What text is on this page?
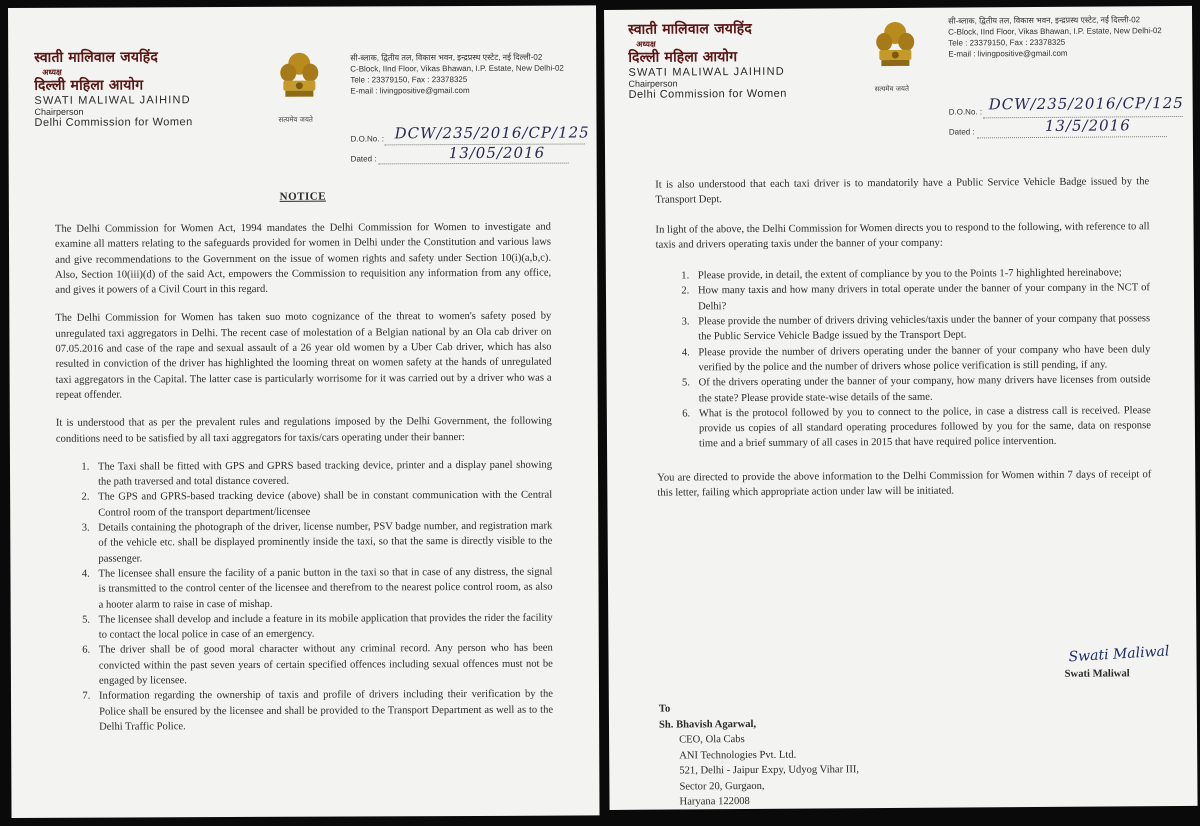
स्वाती मालिवाल जयहिंद
अध्यक्ष
दिल्ली महिला आयोग
SWATI MALIWAL JAIHIND
Chairperson
Delhi Commission for Women	सत्यमेव जयते
सी-ब्लाक, द्वितीय तल, विकास भवन, इन्द्रप्रस्थ एस्टेट, नई दिल्ली-02
C-Block, IInd Floor, Vikas Bhawan, I.P. Estate, New Delhi-02
Tele : 23379150, Fax : 23378325
E-mail : livingpositive@gmail.com
D.O.No. : DCW/235/2016/CP/125
Dated :	13/05/2016
NOTICE

The Delhi Commission for Women Act, 1994 mandates the Delhi Commission for Women to investigate and examine all matters relating to the safeguards provided for women in Delhi under the Constitution and various laws and give recommendations to the Government on the issue of women rights and safety under Section 10(i)(a,b,c). Also, Section 10(iii)(d) of the said Act, empowers the Commission to requisition any information from any office, and gives it powers of a Civil Court in this regard.

The Delhi Commission for Women has taken suo moto cognizance of the threat to women's safety posed by unregulated taxi aggregators in Delhi. The recent case of molestation of a Belgian national by an Ola cab driver on 07.05.2016 and case of the rape and sexual assault of a 26 year old women by a Uber Cab driver, which has also resulted in conviction of the driver has highlighted the looming threat on women safety at the hands of unregulated taxi aggregators in the Capital. The latter case is particularly worrisome for it was carried out by a driver who was a repeat offender.

It is understood that as per the prevalent rules and regulations imposed by the Delhi Government, the following conditions need to be satisfied by all taxi aggregators for taxis/cars operating under their banner:

1. The Taxi shall be fitted with GPS and GPRS based tracking device, printer and a display panel showing the path traversed and total distance covered.
2. The GPS and GPRS-based tracking device (above) shall be in constant communication with the Central Control room of the transport department/licensee
3. Details containing the photograph of the driver, license number, PSV badge number, and registration mark of the vehicle etc. shall be displayed prominently inside the taxi, so that the same is directly visible to the passenger.
4. The licensee shall ensure the facility of a panic button in the taxi so that in case of any distress, the signal is transmitted to the control center of the licensee and therefrom to the nearest police control room, as also a hooter alarm to raise in case of mishap.
5. The licensee shall develop and include a feature in its mobile application that provides the rider the facility to contact the local police in case of an emergency.
6. The driver shall be of good moral character without any criminal record. Any person who has been convicted within the past seven years of certain specified offences including sexual offences must not be engaged by licensee.
7. Information regarding the ownership of taxis and profile of drivers including their verification by the Police shall be ensured by the licensee and shall be provided to the Transport Department as well as to the Delhi Traffic Police.
स्वाती मालिवाल जयहिंद
अध्यक्ष
दिल्ली महिला आयोग
SWATI MALIWAL JAIHIND
Chairperson
Delhi Commission for Women	सत्यमेव जयते
सी-ब्लाक, द्वितीय तल, विकास भवन, इन्द्रप्रस्थ एस्टेट, नई दिल्ली-02
C-Block, IInd Floor, Vikas Bhawan, I.P. Estate, New Delhi-02
Tele : 23379150, Fax : 23378325
E-mail : livingpositive@gmail.com
D.O.No. : DCW/235/2016/CP/125
Dated :	13/5/2016

It is also understood that each taxi driver is to mandatorily have a Public Service Vehicle Badge issued by the Transport Dept.

In light of the above, the Delhi Commission for Women directs you to respond to the following, with reference to all taxis and drivers operating taxis under the banner of your company:

1. Please provide, in detail, the extent of compliance by you to the Points 1-7 highlighted hereinabove;
2. How many taxis and how many drivers in total operate under the banner of your company in the NCT of Delhi?
3. Please provide the number of drivers driving vehicles/taxis under the banner of your company that possess the Public Service Vehicle Badge issued by the Transport Dept.
4. Please provide the number of drivers operating under the banner of your company who have been duly verified by the police and the number of drivers whose police verification is still pending, if any.
5. Of the drivers operating under the banner of your company, how many drivers have licenses from outside the state? Please provide state-wise details of the same.
6. What is the protocol followed by you to connect to the police, in case a distress call is received. Please provide us copies of all standard operating procedures followed by you for the same, data on response time and a brief summary of all cases in 2015 that have required police intervention.

You are directed to provide the above information to the Delhi Commission for Women within 7 days of receipt of this letter, failing which appropriate action under law will be initiated.

Swati Maliwal
Swati Maliwal
To
Sh. Bhavish Agarwal,
CEO, Ola Cabs
ANI Technologies Pvt. Ltd.
521, Delhi - Jaipur Expy, Udyog Vihar III,
Sector 20, Gurgaon,
Haryana 122008
